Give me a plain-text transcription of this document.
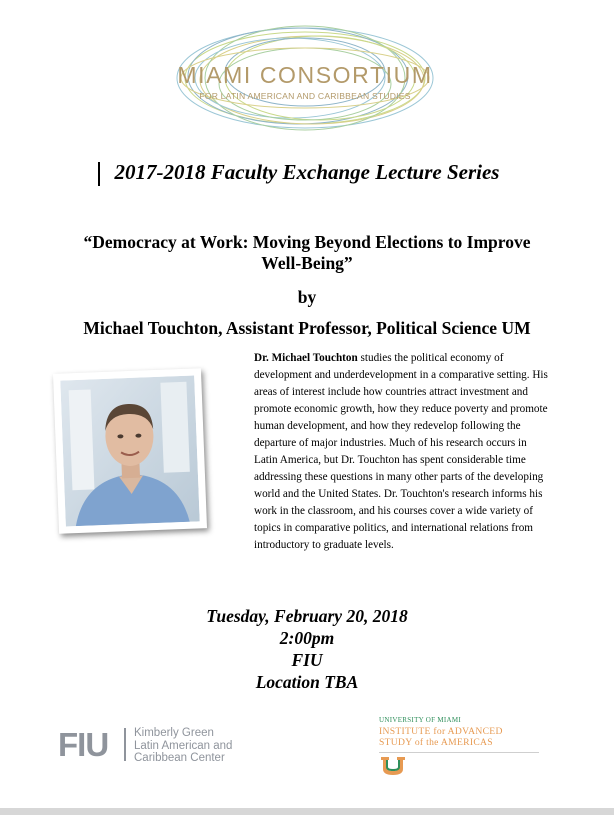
MIAMI CONSORTIUM
FOR LATIN AMERICAN AND CARIBBEAN STUDIES
2017-2018 Faculty Exchange Lecture Series
“Democracy at Work: Moving Beyond Elections to Improve
Well-Being”
by
Michael Touchton, Assistant Professor, Political Science UM
Dr. Michael Touchton studies the political economy of development and underdevelopment in a comparative setting. His areas of interest include how countries attract investment and promote economic growth, how they reduce poverty and promote human development, and how they redevelop following the departure of major industries. Much of his research occurs in Latin America, but Dr. Touchton has spent considerable time addressing these questions in many other parts of the developing world and the United States. Dr. Touchton's research informs his work in the classroom, and his courses cover a wide variety of topics in comparative politics, and international relations from introductory to graduate levels.
Tuesday, February 20, 2018
2:00pm
FIU
Location TBA
FIU Kimberly Green
Latin American and
Caribbean Center
UNIVERSITY OF MIAMI
INSTITUTE for ADVANCED
STUDY of the AMERICAS
